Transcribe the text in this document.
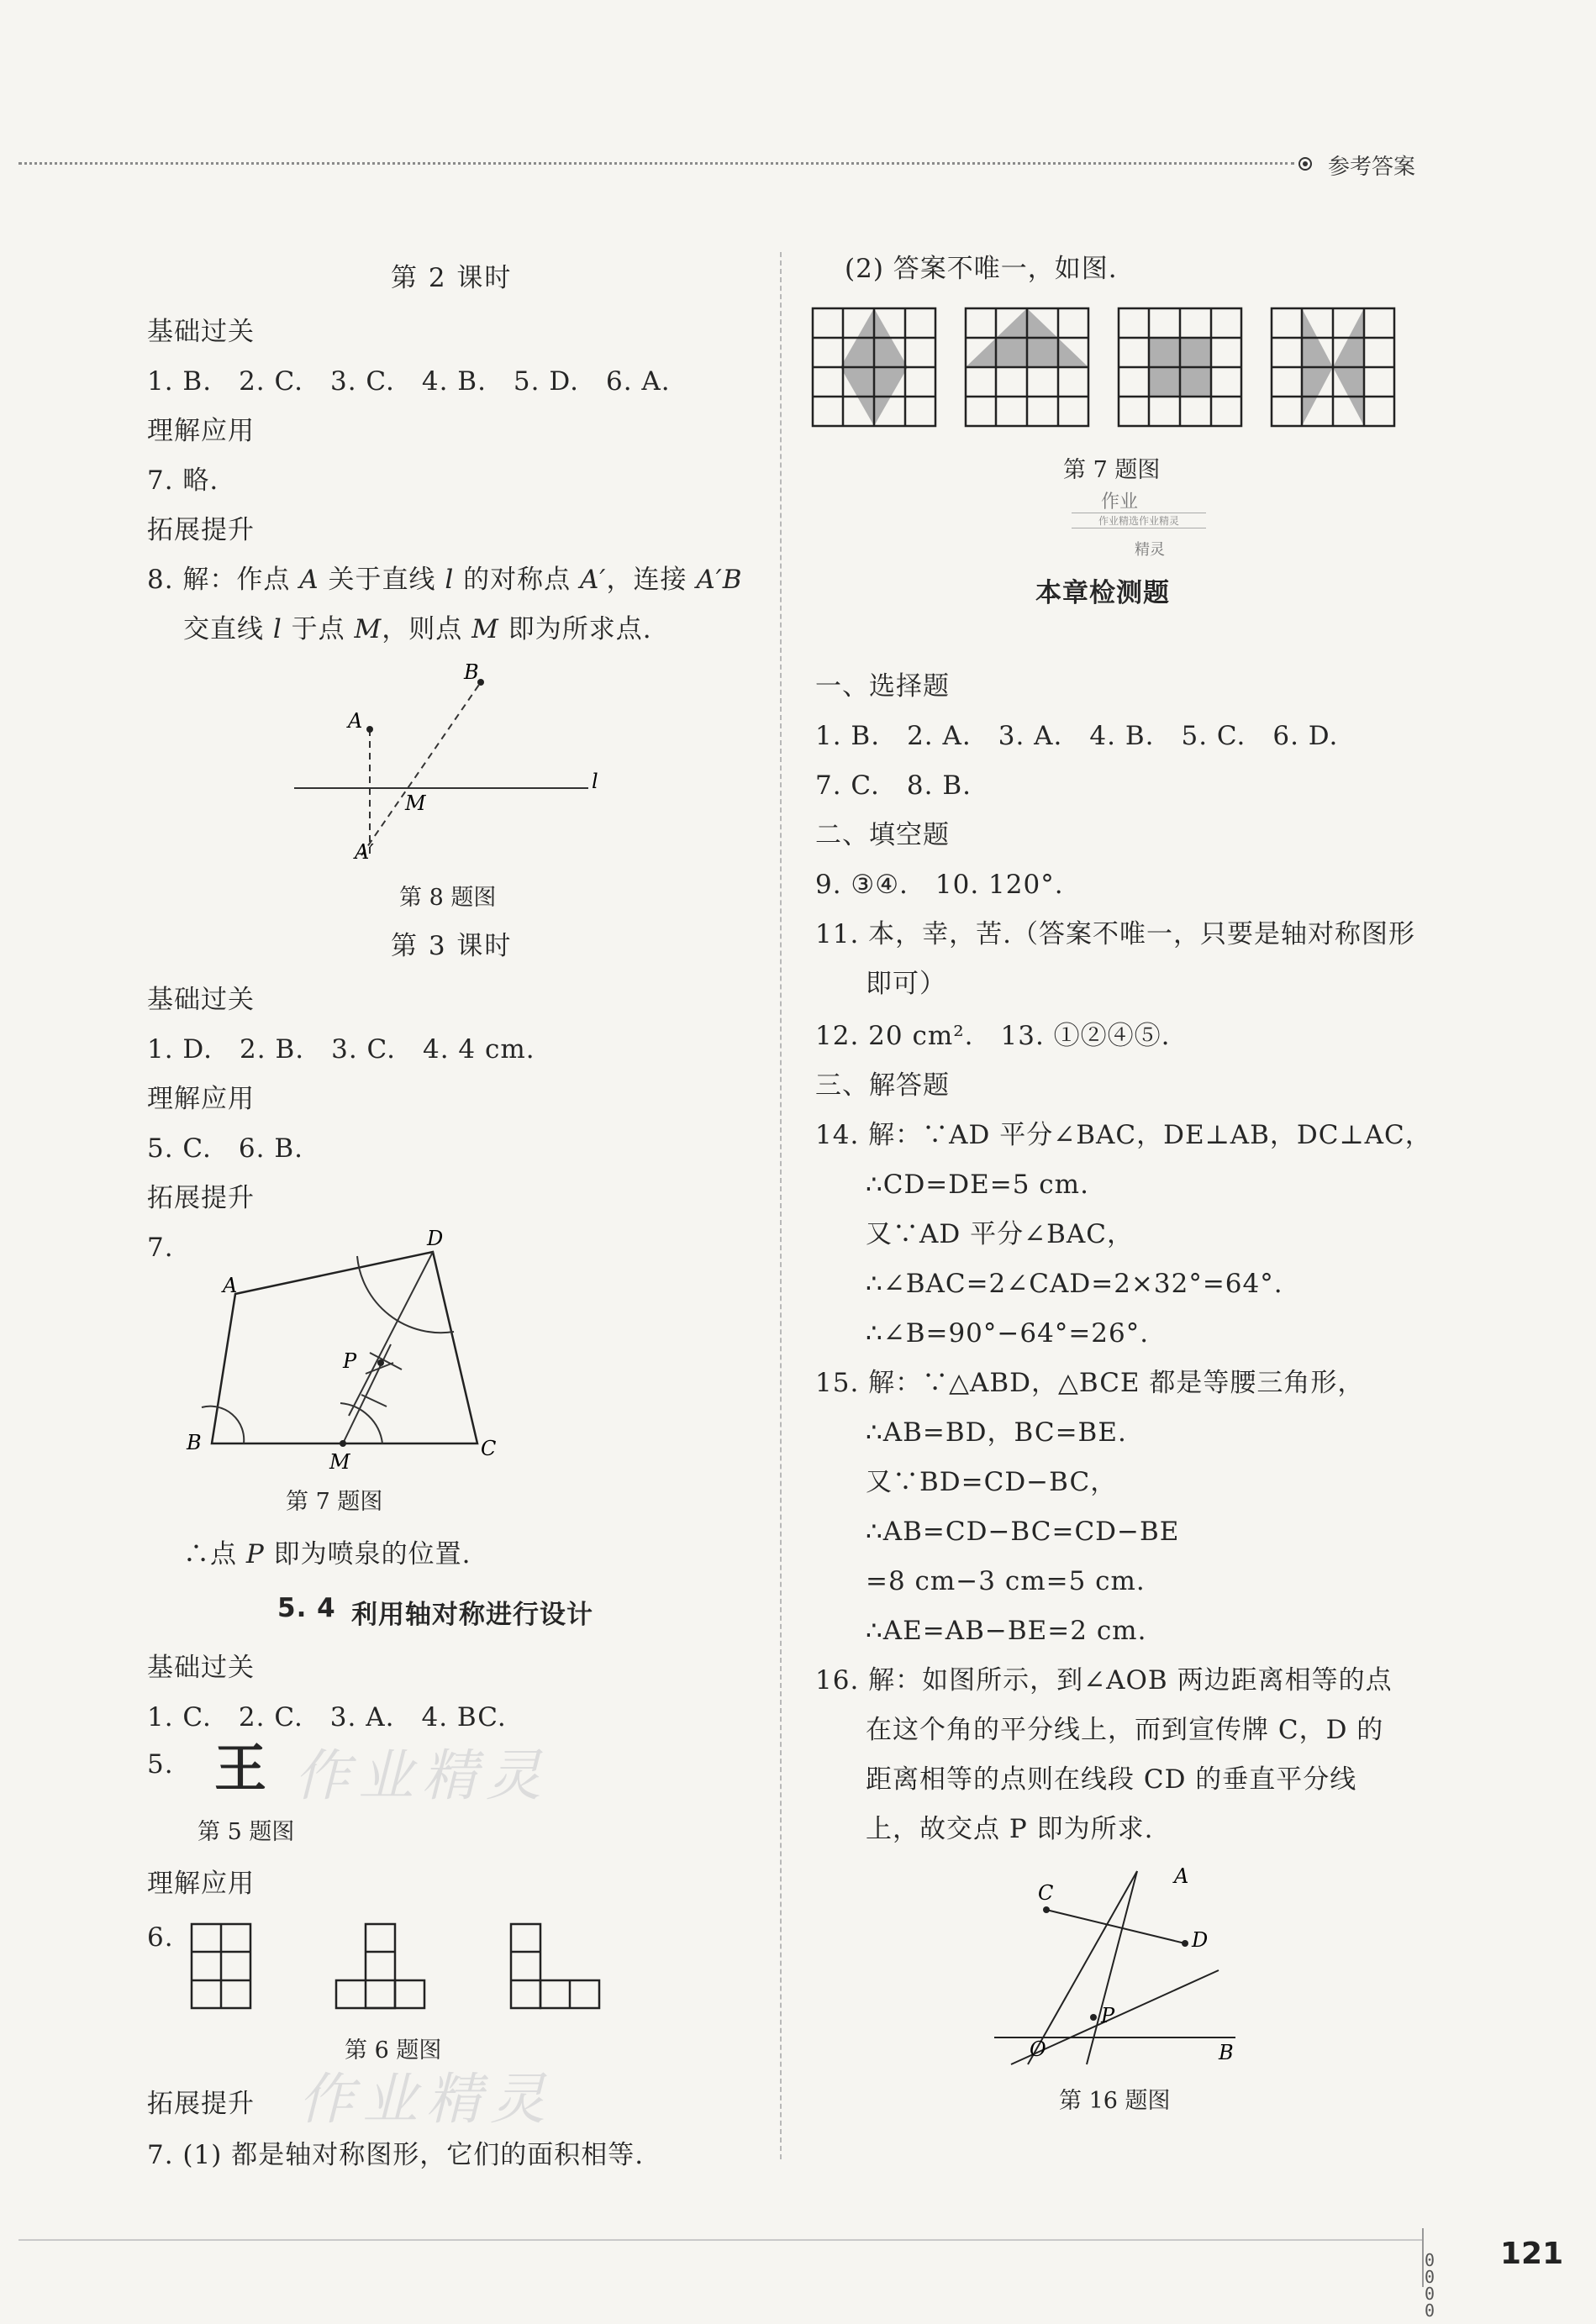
参考答案
第 2 课时
基础过关
1. B.　2. C.　3. C.　4. B.　5. D.　6. A.
理解应用
7. 略.
拓展提升
8. 解：作点 A 关于直线 l 的对称点 A′，连接 A′B
交直线 l 于点 M，则点 M 即为所求点.
A
B
M
A′
l
第 8 题图
第 3 课时
基础过关
1. D.　2. B.　3. C.　4. 4 cm.
理解应用
5. C.　6. B.
拓展提升
7.
A
B	C
D
P
M
第 7 题图
∴点 P 即为喷泉的位置.
5. 4 利用轴对称进行设计
基础过关
1. C.　2. C.　3. A.　4. BC.
5. 王
第 5 题图
作业精灵
理解应用
6.
第 6 题图
作业精灵
拓展提升
7. (1) 都是轴对称图形，它们的面积相等.
(2) 答案不唯一，如图.
第 7 题图
作业
作业精选作业精灵
精灵
本章检测题
一、选择题
1. B.　2. A.　3. A.　4. B.　5. C.　6. D.
7. C.　8. B.
二、填空题
9. ③④.　10. 120°.
11. 本，幸，苦.（答案不唯一，只要是轴对称图形
即可）
12. 20 cm².　13. ①②④⑤.
三、解答题
14. 解：∵AD 平分∠BAC，DE⊥AB，DC⊥AC，
∴CD=DE=5 cm.
又∵AD 平分∠BAC，
∴∠BAC=2∠CAD=2×32°=64°.
∴∠B=90°−64°=26°.
15. 解：∵△ABD，△BCE 都是等腰三角形，
∴AB=BD，BC=BE.
又∵BD=CD−BC，
∴AB=CD−BC=CD−BE
=8 cm−3 cm=5 cm.
∴AE=AB−BE=2 cm.
16. 解：如图所示，到∠AOB 两边距离相等的点
在这个角的平分线上，而到宣传牌 C，D 的
距离相等的点则在线段 CD 的垂直平分线
上，故交点 P 即为所求.
C
A
D
P
O	B
第 16 题图
0000
121
